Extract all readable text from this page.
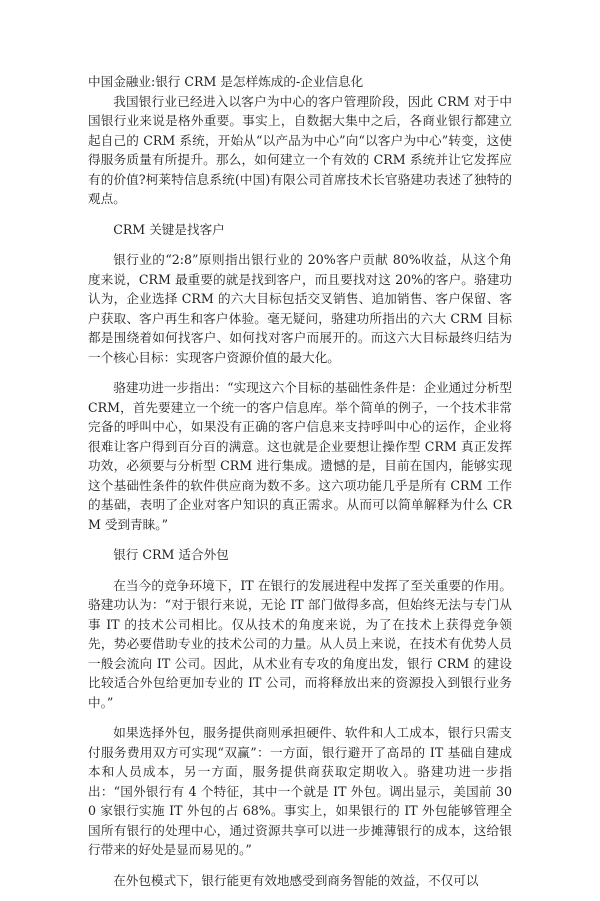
中国金融业:银行 CRM 是怎样炼成的-企业信息化

我国银行业已经进入以客户为中心的客户管理阶段，因此 CRM 对于中国银行业来说是格外重要。事实上，自数据大集中之后，各商业银行都建立起自己的 CRM 系统，开始从“以产品为中心”向“以客户为中心”转变，这使得服务质量有所提升。那么，如何建立一个有效的 CRM 系统并让它发挥应有的价值?柯莱特信息系统(中国)有限公司首席技术长官骆建功表述了独特的观点。

CRM 关键是找客户

银行业的“2:8”原则指出银行业的 20%客户贡献 80%收益，从这个角度来说，CRM 最重要的就是找到客户，而且要找对这 20%的客户。骆建功认为，企业选择 CRM 的六大目标包括交叉销售、追加销售、客户保留、客户获取、客户再生和客户体验。毫无疑问，骆建功所指出的六大 CRM 目标都是围绕着如何找客户、如何找对客户而展开的。而这六大目标最终归结为一个核心目标：实现客户资源价值的最大化。

骆建功进一步指出：“实现这六个目标的基础性条件是：企业通过分析型 CRM，首先要建立一个统一的客户信息库。举个简单的例子，一个技术非常完备的呼叫中心，如果没有正确的客户信息来支持呼叫中心的运作，企业将很难让客户得到百分百的满意。这也就是企业要想让操作型 CRM 真正发挥功效，必须要与分析型 CRM 进行集成。遗憾的是，目前在国内，能够实现这个基础性条件的软件供应商为数不多。这六项功能几乎是所有 CRM 工作的基础，表明了企业对客户知识的真正需求。从而可以简单解释为什么 CRM 受到青睐。”

银行 CRM 适合外包

在当今的竞争环境下，IT 在银行的发展进程中发挥了至关重要的作用。骆建功认为：“对于银行来说，无论 IT 部门做得多高，但始终无法与专门从事 IT 的技术公司相比。仅从技术的角度来说，为了在技术上获得竞争领先，势必要借助专业的技术公司的力量。从人员上来说，在技术有优势人员一般会流向 IT 公司。因此，从术业有专攻的角度出发，银行 CRM 的建设比较适合外包给更加专业的 IT 公司，而将释放出来的资源投入到银行业务中。”

如果选择外包，服务提供商则承担硬件、软件和人工成本，银行只需支付服务费用双方可实现“双赢”：一方面，银行避开了高昂的 IT 基础自建成本和人员成本，另一方面，服务提供商获取定期收入。骆建功进一步指出：“国外银行有 4 个特征，其中一个就是 IT 外包。调出显示，美国前 300 家银行实施 IT 外包的占 68%。事实上，如果银行的 IT 外包能够管理全国所有银行的处理中心，通过资源共享可以进一步摊薄银行的成本，这给银行带来的好处是显而易见的。”

在外包模式下，银行能更有效地感受到商务智能的效益，不仅可以
